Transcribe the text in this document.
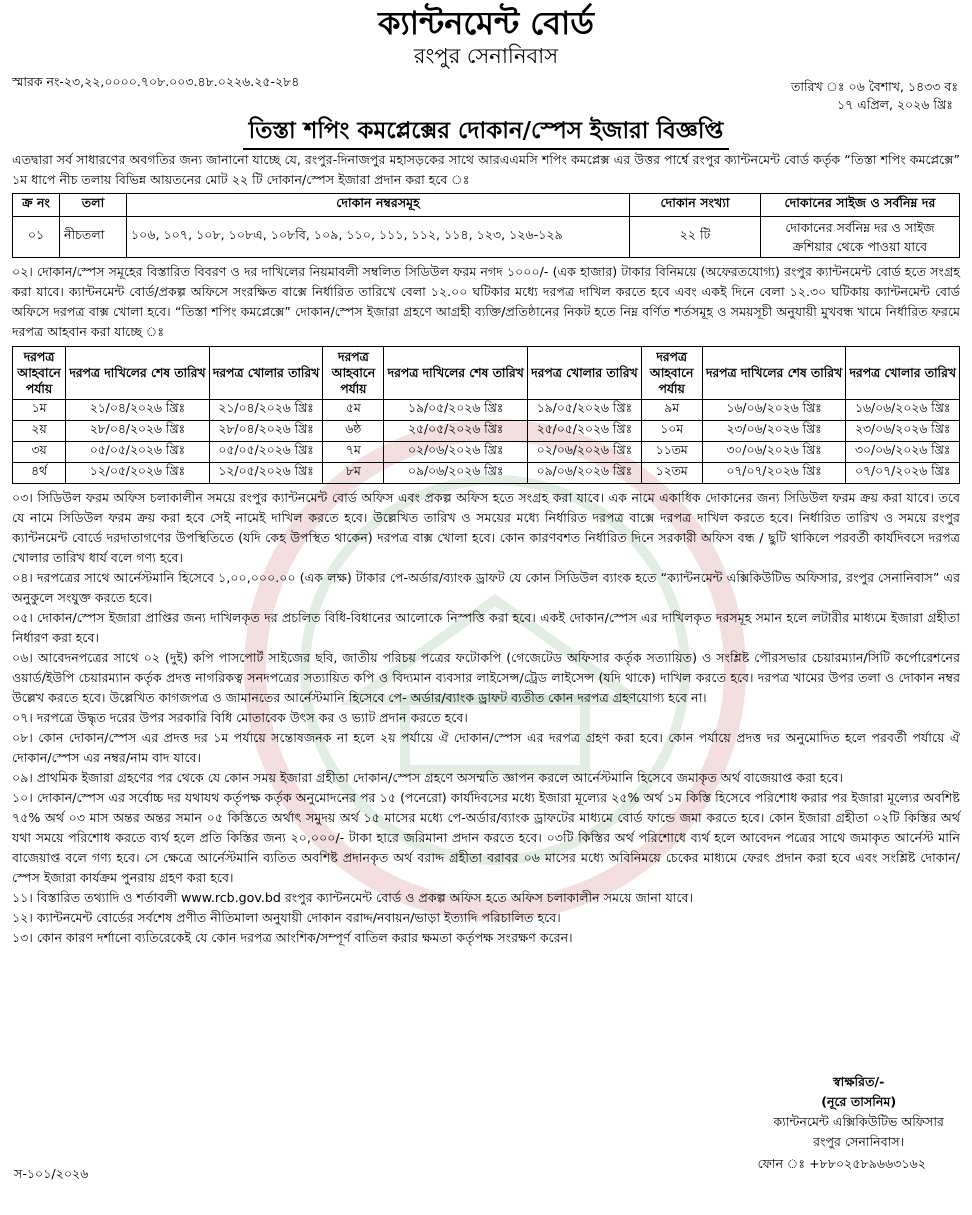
ক্যান্টনমেন্ট বোর্ড

রংপুর সেনানিবাস

স্মারক নং-২৩,২২,০০০০.৭০৮.০০৩.৪৮.০২২৬.২৫-২৮৪	তারিখ ঃ ০৬ বৈশাখ, ১৪৩৩ বঃ
১৭ এপ্রিল, ২০২৬ খ্রিঃ
তিস্তা শপিং কমপ্লেক্সের দোকান/স্পেস ইজারা বিজ্ঞপ্তি

এতদ্বারা সর্ব সাধারণের অবগতির জন্য জানানো যাচ্ছে যে, রংপুর-দিনাজপুর মহাসড়কের সাথে আরএএমসি শপিং কমপ্লেক্স এর উত্তর পার্শ্বে রংপুর ক্যান্টনমেন্ট বোর্ড কর্তৃক “তিস্তা শপিং কমপ্লেক্সে” ১ম ধাপে নীচ তলায় বিভিন্ন আয়তনের মোট ২২ টি দোকান/স্পেস ইজারা প্রদান করা হবে ঃ

ক্র নং	তলা	দোকান নম্বরসমূহ	দোকান সংখ্যা	দোকানের সাইজ ও সর্বনিম্ন দর
০১	নীচতলা	১০৬, ১০৭, ১০৮, ১০৮এ, ১০৮বি, ১০৯, ১১০, ১১১, ১১২, ১১৪, ১২৩, ১২৬-১২৯	২২ টি	দোকানের সর্বনিম্ন দর ও সাইজ
ক্রশিয়ার থেকে পাওয়া যাবে

০২। দোকান/স্পেস সমূহের বিস্তারিত বিবরণ ও দর দাখিলের নিয়মাবলী সম্বলিত সিডিউল ফরম নগদ ১০০০/- (এক হাজার) টাকার বিনিময়ে (অফেরতযোগ্য) রংপুর ক্যান্টনমেন্ট বোর্ড হতে সংগ্রহ করা যাবে। ক্যান্টনমেন্ট বোর্ড/প্রকল্প অফিসে সংরক্ষিত বাক্সে নির্ধারিত তারিখে বেলা ১২.০০ ঘটিকার মধ্যে দরপত্র দাখিল করতে হবে এবং একই দিনে বেলা ১২.৩০ ঘটিকায় ক্যান্টনমেন্ট বোর্ড অফিসে দরপত্র বাক্স খোলা হবে। “তিস্তা শপিং কমপ্লেক্সে” দোকান/স্পেস ইজারা গ্রহণে আগ্রহী ব্যক্তি/প্রতিষ্ঠানের নিকট হতে নিম্ন বর্ণিত শর্তসমূহ ও সময়সূচী অনুযায়ী মুখবন্ধ খামে নির্ধারিত ফরমে দরপত্র আহবান করা যাচ্ছে ঃ

দরপত্র আহবানে পর্যায়	দরপত্র দাখিলের শেষ তারিখ	দরপত্র খোলার তারিখ	দরপত্র আহবানে পর্যায়	দরপত্র দাখিলের শেষ তারিখ	দরপত্র খোলার তারিখ	দরপত্র আহবানে পর্যায়	দরপত্র দাখিলের শেষ তারিখ	দরপত্র খোলার তারিখ
১ম	২১/০৪/২০২৬ খ্রিঃ	২১/০৪/২০২৬ খ্রিঃ	৫ম	১৯/০৫/২০২৬ খ্রিঃ	১৯/০৫/২০২৬ খ্রিঃ	৯ম	১৬/০৬/২০২৬ খ্রিঃ	১৬/০৬/২০২৬ খ্রিঃ
২য়	২৮/০৪/২০২৬ খ্রিঃ	২৮/০৪/২০২৬ খ্রিঃ	৬ষ্ঠ	২৫/০৫/২০২৬ খ্রিঃ	২৫/০৫/২০২৬ খ্রিঃ	১০ম	২৩/০৬/২০২৬ খ্রিঃ	২৩/০৬/২০২৬ খ্রিঃ
৩য়	০৫/০৫/২০২৬ খ্রিঃ	০৫/০৫/২০২৬ খ্রিঃ	৭ম	০২/০৬/২০২৬ খ্রিঃ	০২/০৬/২০২৬ খ্রিঃ	১১তম	৩০/০৬/২০২৬ খ্রিঃ	৩০/০৬/২০২৬ খ্রিঃ
৪র্থ	১২/০৫/২০২৬ খ্রিঃ	১২/০৫/২০২৬ খ্রিঃ	৮ম	০৯/০৬/২০২৬ খ্রিঃ	০৯/০৬/২০২৬ খ্রিঃ	১২তম	০৭/০৭/২০২৬ খ্রিঃ	০৭/০৭/২০২৬ খ্রিঃ

০৩। সিডিউল ফরম অফিস চলাকালীন সময়ে রংপুর ক্যান্টনমেন্ট বোর্ড অফিস এবং প্রকল্প অফিস হতে সংগ্রহ করা যাবে। এক নামে একাধিক দোকানের জন্য সিডিউল ফরম ক্রয় করা যাবে। তবে যে নামে সিডিউল ফরম ক্রয় করা হবে সেই নামেই দাখিল করতে হবে। উল্লেখিত তারিখ ও সময়ের মধ্যে নির্ধারিত দরপত্র বাক্সে দরপত্র দাখিল করতে হবে। নির্ধারিত তারিখ ও সময়ে রংপুর ক্যান্টনমেন্ট বোর্ডে দরদাতাগণের উপস্থিতিতে (যদি কেহ উপস্থিত থাকেন) দরপত্র বাক্স খোলা হবে। কোন কারণবশত নির্ধারিত দিনে সরকারী অফিস বন্ধ / ছুটি থাকিলে পরবর্তী কার্যদিবসে দরপত্র খোলার তারিখ ধার্য বলে গণ্য হবে।

০৪। দরপত্রের সাথে আর্নেস্টমানি হিসেবে ১,০০,০০০.০০ (এক লক্ষ) টাকার পে-অর্ডার/ব্যাংক ড্রাফট যে কোন সিডিউল ব্যাংক হতে “ক্যান্টনমেন্ট এক্সিকিউটিভ অফিসার, রংপুর সেনানিবাস” এর অনুকুলে সংযুক্ত করতে হবে।

০৫। দোকান/স্পেস ইজারা প্রাপ্তির জন্য দাখিলকৃত দর প্রচলিত বিধি-বিধানের আলোকে নিস্পত্তি করা হবে। একই দোকান/স্পেস এর দাখিলকৃত দরসমূহ সমান হলে লটারীর মাধ্যমে ইজারা গ্রহীতা নির্ধারণ করা হবে।

০৬। আবেদনপত্রের সাথে ০২ (দুই) কপি পাসপোর্ট সাইজের ছবি, জাতীয় পরিচয় পত্রের ফটোকপি (গেজেটেড অফিসার কর্তৃক সত্যায়িত) ও সংশ্লিষ্ট পৌরসভার চেয়ারম্যান/সিটি কর্পোরেশনের ওয়ার্ড/ইউপি চেয়ারম্যান কর্তৃক প্রদত্ত নাগরিকত্ব সনদপত্রের সত্যায়িত কপি ও বিদ্যমান ব্যবসার লাইসেন্স/ট্রেড লাইসেন্স (যদি থাকে) দাখিল করতে হবে। দরপত্র খামের উপর তলা ও দোকান নম্বর উল্লেখ করতে হবে। উল্লেখিত কাগজপত্র ও জামানতের আর্নেস্টমানি হিসেবে পে- অর্ডার/ব্যাংক ড্রাফট ব্যতীত কোন দরপত্র গ্রহণযোগ্য হবে না।

০৭। দরপত্রে উদ্ধৃত দরের উপর সরকারি বিধি মোতাবেক উৎস কর ও ভ্যাট প্রদান করতে হবে।

০৮। কোন দোকান/স্পেস এর প্রদত্ত দর ১ম পর্যায়ে সন্তোষজনক না হলে ২য় পর্যায়ে ঐ দোকান/স্পেস এর দরপত্র গ্রহণ করা হবে। কোন পর্যায়ে প্রদত্ত দর অনুমোদিত হলে পরবর্তী পর্যায়ে ঐ দোকান/স্পেস এর নম্বর/নাম বাদ যাবে।

০৯। প্রাথমিক ইজারা গ্রহণের পর থেকে যে কোন সময় ইজারা গ্রহীতা দোকান/স্পেস গ্রহণে অসম্মতি জ্ঞাপন করলে আর্নেস্টমানি হিসেবে জমাকৃত অর্থ বাজেয়াপ্ত করা হবে।

১০। দোকান/স্পেস এর সর্বোচ্চ দর যথাযথ কর্তৃপক্ষ কর্তৃক অনুমোদনের পর ১৫ (পনেরো) কার্যদিবসের মধ্যে ইজারা মূল্যের ২৫% অর্থ ১ম কিস্তি হিসেবে পরিশোধ করার পর ইজারা মূল্যের অবশিষ্ট ৭৫% অর্থ ০৩ মাস অন্তর অন্তর সমান ০৫ কিস্তিতে অর্থাৎ সমুদয় অর্থ ১৫ মাসের মধ্যে পে-অর্ডার/ব্যাংক ড্রাফটের মাধ্যমে বোর্ড ফান্ডে জমা করতে হবে। কোন ইজারা গ্রহীতা ০২টি কিস্তির অর্থ যথা সময়ে পরিশোধ করতে ব্যর্থ হলে প্রতি কিস্তির জন্য ২০,০০০/- টাকা হারে জরিমানা প্রদান করতে হবে। ০৩টি কিস্তির অর্থ পরিশোধে ব্যর্থ হলে আবেদন পত্রের সাথে জমাকৃত আর্নেস্ট মানি বাজেয়াপ্ত বলে গণ্য হবে। সে ক্ষেত্রে আর্নেস্টমানি ব্যতিত অবশিষ্ট প্রদানকৃত অর্থ বরাদ্দ গ্রহীতা বরাবর ০৬ মাসের মধ্যে অবিনিময়ে চেকের মাধ্যমে ফেরৎ প্রদান করা হবে এবং সংশ্লিষ্ট দোকান/স্পেস ইজারা কার্যক্রম পুনরায় গ্রহণ করা হবে।

১১। বিস্তারিত তথ্যাদি ও শর্তাবলী www.rcb.gov.bd রংপুর ক্যান্টনমেন্ট বোর্ড ও প্রকল্প অফিস হতে অফিস চলাকালীন সময়ে জানা যাবে।

১২। ক্যান্টনমেন্ট বোর্ডের সর্বশেষ প্রণীত নীতিমালা অনুযায়ী দোকান বরাদ্দ/নবায়ন/ভাড়া ইত্যাদি পরিচালিত হবে।

১৩। কোন কারণ দর্শানো ব্যতিরেকেই যে কোন দরপত্র আংশিক/সম্পূর্ণ বাতিল করার ক্ষমতা কর্তৃপক্ষ সংরক্ষণ করেন।

স্বাক্ষরিত/-
(নূরে তাসনিম)
ক্যান্টনমেন্ট এক্সিকিউটিভ অফিসার
রংপুর সেনানিবাস।
ফোন ঃ +৮৮০২৫৮৯৬৬৩১৬২
স-১০১/২০২৬
